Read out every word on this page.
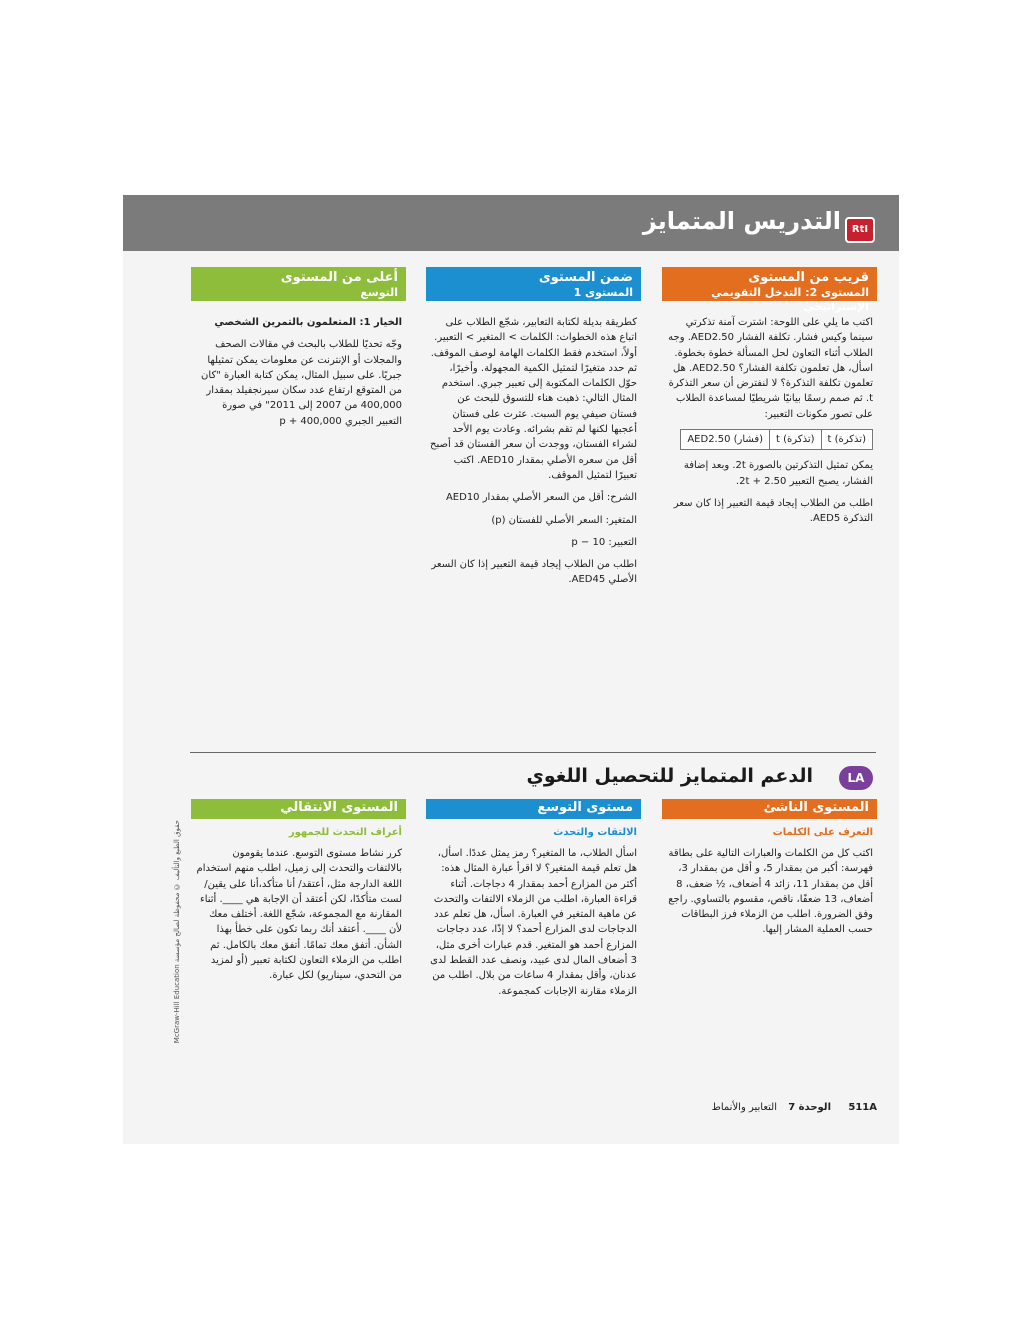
RtI
التدريس المتمايز
قريب من المستوى
المستوى 2: التدخل التقويمي الإستراتيجي

اكتب ما يلي على اللوحة: اشترت آمنة تذكرتي سينما وكيس فشار. تكلفة الفشار AED2.50. وجه الطلاب أثناء التعاون لحل المسألة خطوة بخطوة. اسأل، هل تعلمون تكلفة الفشار؟ AED2.50. هل تعلمون تكلفة التذكرة؟ لا لنفترض أن سعر التذكرة t. ثم صمم رسمًا بيانيًا شريطيًا لمساعدة الطلاب على تصور مكونات التعبير:

AED2.50 (فشار)	t (تذكرة)	t (تذكرة)

يمكن تمثيل التذكرتين بالصورة 2t. وبعد إضافة الفشار، يصبح التعبير 2t + 2.50.

اطلب من الطلاب إيجاد قيمة التعبير إذا كان سعر التذكرة AED5.

ضمن المستوى
المستوى 1

كطريقة بديلة لكتابة التعابير، شجّع الطلاب على اتباع هذه الخطوات: الكلمات > المتغير > التعبير. أولاً، استخدم فقط الكلمات الهامة لوصف الموقف. ثم حدد متغيرًا لتمثيل الكمية المجهولة. وأخيرًا، حوّل الكلمات المكتوبة إلى تعبير جبري. استخدم المثال التالي: ذهبت هناء للتسوق للبحث عن فستان صيفي يوم السبت. عثرت على فستان أعجبها لكنها لم تقم بشرائه. وعادت يوم الأحد لشراء الفستان، ووجدت أن سعر الفستان قد أصبح أقل من سعره الأصلي بمقدار AED10. اكتب تعبيرًا لتمثيل الموقف.

الشرح: أقل من السعر الأصلي بمقدار AED10

المتغير: السعر الأصلي للفستان (p)

التعبير: p − 10

اطلب من الطلاب إيجاد قيمة التعبير إذا كان السعر الأصلي AED45.

أعلى من المستوى
التوسع

الخيار 1: المتعلمون بالتمرين الشخصي

وجّه تحديًا للطلاب بالبحث في مقالات الصحف والمجلات أو الإنترنت عن معلومات يمكن تمثيلها جبريًا. على سبيل المثال، يمكن كتابة العبارة "كان من المتوقع ارتفاع عدد سكان سيرنجفيلد بمقدار 400,000 من 2007 إلى 2011" في صورة التعبير الجبري p + 400,000

LA
الدعم المتمايز للتحصيل اللغوي
المستوى الناشئ
التعرف على الكلمات
اكتب كل من الكلمات والعبارات التالية على بطاقة فهرسة: أكبر من بمقدار 5، و أقل من بمقدار 3، أقل من بمقدار 11، زائد 4 أضعاف، ½ ضعف، 8 أضعاف، 13 ضعفًا، ناقص، مقسوم بالتساوي. راجع وفق الضرورة. اطلب من الزملاء فرز البطاقات حسب العملية المشار إليها.
مستوى التوسع
الالتقات والتحدث
اسأل الطلاب، ما المتغير؟ رمز يمثل عددًا. اسأل، هل تعلم قيمة المتغير؟ لا اقرأ عبارة المثال هذه: أكثر من المزارع أحمد بمقدار 4 دجاجات. أثناء قراءة العبارة، اطلب من الزملاء الالتفات والتحدث عن ماهية المتغير في العبارة. اسأل، هل تعلم عدد الدجاجات لدى المزارع أحمد؟ لا إذًا، عدد دجاجات المزارع أحمد هو المتغير. قدم عبارات أخرى مثل، 3 أضعاف المال لدى عبيد، ونصف عدد القطط لدى عدنان، وأقل بمقدار 4 ساعات من بلال. اطلب من الزملاء مقارنة الإجابات كمجموعة.
المستوى الانتقالي
أعراف التحدث للجمهور
كرر نشاط مستوى التوسع. عندما يقومون بالالتفات والتحدث إلى زميل، اطلب منهم استخدام اللغة الدارجة مثل، أعتقد/ أنا متأكد،أنا على يقين/لست متأكدًا، لكن أعتقد أن الإجابة هي ____. أثناء المقارنة مع المجموعة، شجّع اللغة. أختلف معك لأن ____. أعتقد أنك ربما تكون على خطأ بهذا الشأن. أتفق معك تمامًا. أتفق معك بالكامل. ثم اطلب من الزملاء التعاون لكتابة تعبير (أو لمزيد من التحدي، سيناريو) لكل عبارة.
حقوق الطبع والتأليف © محفوظة لصالح مؤسسة McGraw-Hill Education
511A
الوحدة 7
التعابير والأنماط
